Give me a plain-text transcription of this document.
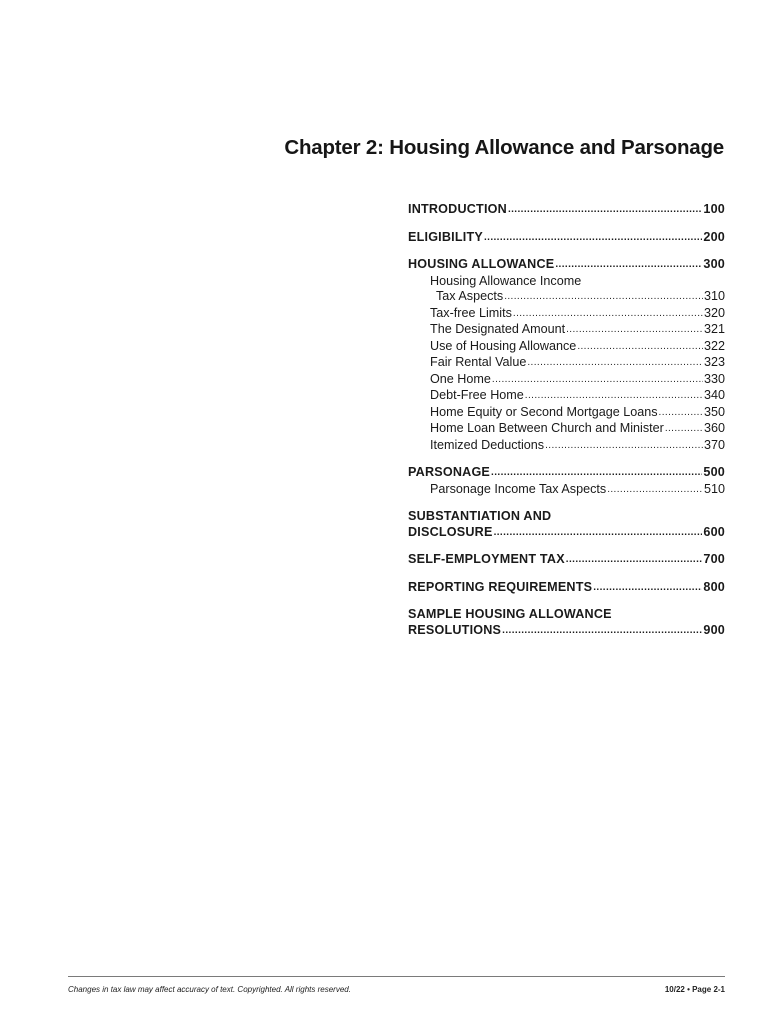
Chapter 2: Housing Allowance and Parsonage
INTRODUCTION .....	100
ELIGIBILITY .....	200
HOUSING ALLOWANCE .....	300
Housing Allowance Income
Tax Aspects .....	310
Tax-free Limits .....	320
The Designated Amount .....	321
Use of Housing Allowance .....	322
Fair Rental Value .....	323
One Home .....	330
Debt-Free Home .....	340
Home Equity or Second Mortgage Loans .....	350
Home Loan Between Church and Minister .....	360
Itemized Deductions .....	370
PARSONAGE .....	500
Parsonage Income Tax Aspects .....	510
SUBSTANTIATION AND
DISCLOSURE .....	600
SELF-EMPLOYMENT TAX .....	700
REPORTING REQUIREMENTS .....	800
SAMPLE HOUSING ALLOWANCE
RESOLUTIONS .....	900
Changes in tax law may affect accuracy of text. Copyrighted. All rights reserved.	10/22 • Page 2-1
